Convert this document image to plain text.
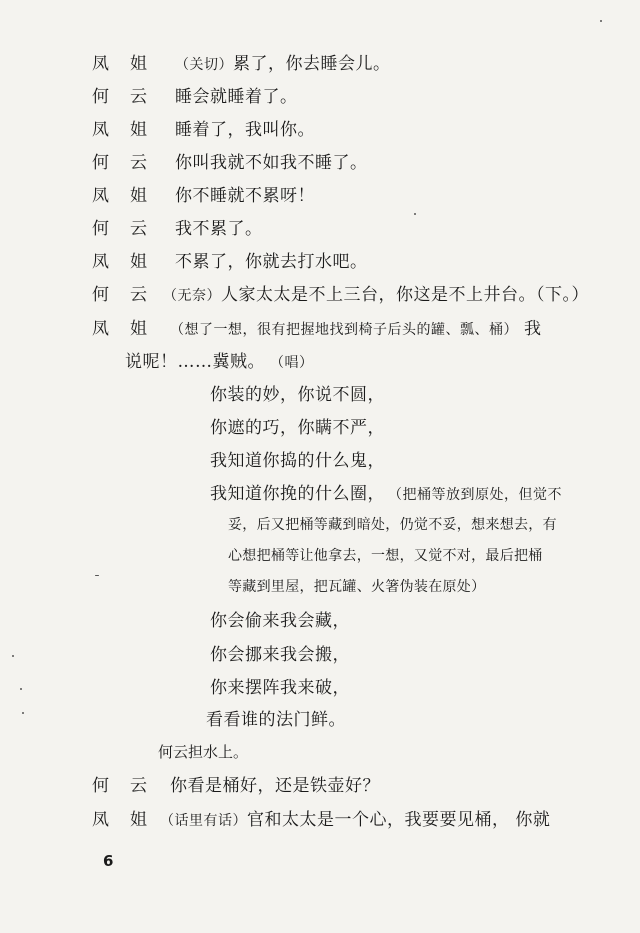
凤 姐 （关切）累了，你去睡会儿。
何 云 睡会就睡着了。
凤 姐 睡着了，我叫你。
何 云 你叫我就不如我不睡了。
凤 姐 你不睡就不累呀！
何 云 我不累了。
凤 姐 不累了，你就去打水吧。
何 云 （无奈）人家太太是不上三台，你这是不上井台。（下。）
凤 姐 （想了一想，很有把握地找到椅子后头的罐、瓢、桶） 我
说呢！……冀贼。 （唱）
你装的妙，你说不圆，
你遮的巧，你瞒不严，
我知道你捣的什么鬼，
我知道你挽的什么圈， （把桶等放到原处，但觉不
妥，后又把桶等藏到暗处，仍觉不妥，想来想去，有
心想把桶等让他拿去，一想，又觉不对，最后把桶
等藏到里屋，把瓦罐、火箸伪装在原处）
你会偷来我会藏，
你会挪来我会搬，
你来摆阵我来破，
看看谁的法门鲜。
何云担水上。
何 云 你看是桶好，还是铁壶好？
凤 姐 （话里有话）官和太太是一个心，我要要见桶， 你就
6
